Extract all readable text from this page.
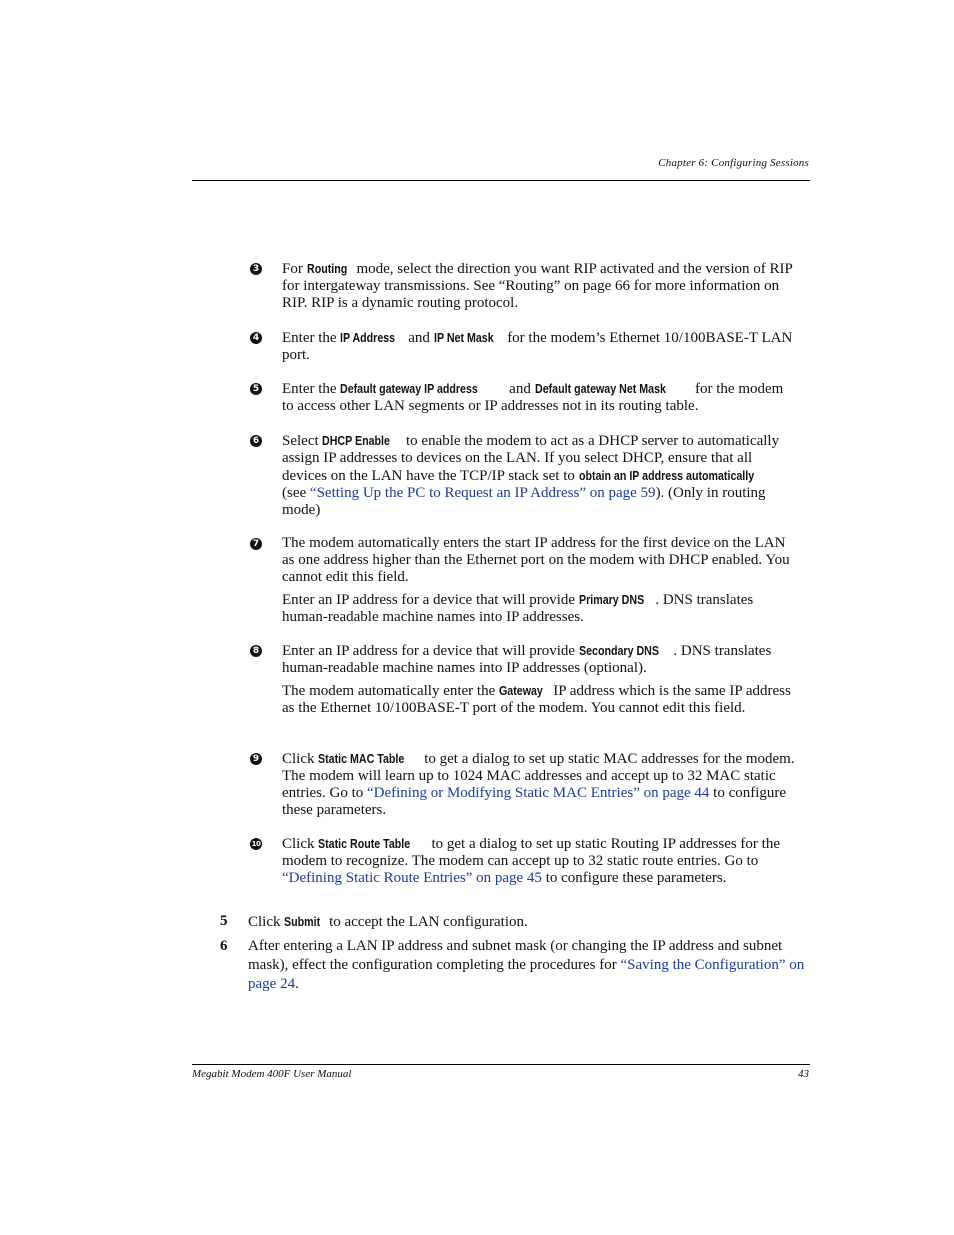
Chapter 6: Configuring Sessions
3 For Routing mode, select the direction you want RIP activated and the version of RIP for intergateway transmissions. See “Routing” on page 66 for more information on RIP. RIP is a dynamic routing protocol.

4 Enter the IP Address and IP Net Mask for the modem’s Ethernet 10/100BASE-T LAN port.

5 Enter the Default gateway IP address and Default gateway Net Mask for the modem to access other LAN segments or IP addresses not in its routing table.

6 Select DHCP Enable to enable the modem to act as a DHCP server to automatically assign IP addresses to devices on the LAN. If you select DHCP, ensure that all devices on the LAN have the TCP/IP stack set to obtain an IP address automatically (see “Setting Up the PC to Request an IP Address” on page 59). (Only in routing mode)

7 The modem automatically enters the start IP address for the first device on the LAN as one address higher than the Ethernet port on the modem with DHCP enabled. You cannot edit this field.

Enter an IP address for a device that will provide Primary DNS . DNS translates human-readable machine names into IP addresses.

8 Enter an IP address for a device that will provide Secondary DNS . DNS translates human-readable machine names into IP addresses (optional).

The modem automatically enter the Gateway IP address which is the same IP address as the Ethernet 10/100BASE-T port of the modem. You cannot edit this field.

9 Click Static MAC Table to get a dialog to set up static MAC addresses for the modem. The modem will learn up to 1024 MAC addresses and accept up to 32 MAC static entries. Go to “Defining or Modifying Static MAC Entries” on page 44 to configure these parameters.

10 Click Static Route Table to get a dialog to set up static Routing IP addresses for the modem to recognize. The modem can accept up to 32 static route entries. Go to “Defining Static Route Entries” on page 45 to configure these parameters.

5 Click Submit to accept the LAN configuration.
6 After entering a LAN IP address and subnet mask (or changing the IP address and subnet mask), effect the configuration completing the procedures for “Saving the Configuration” on page 24.
Megabit Modem 400F User Manual	43
